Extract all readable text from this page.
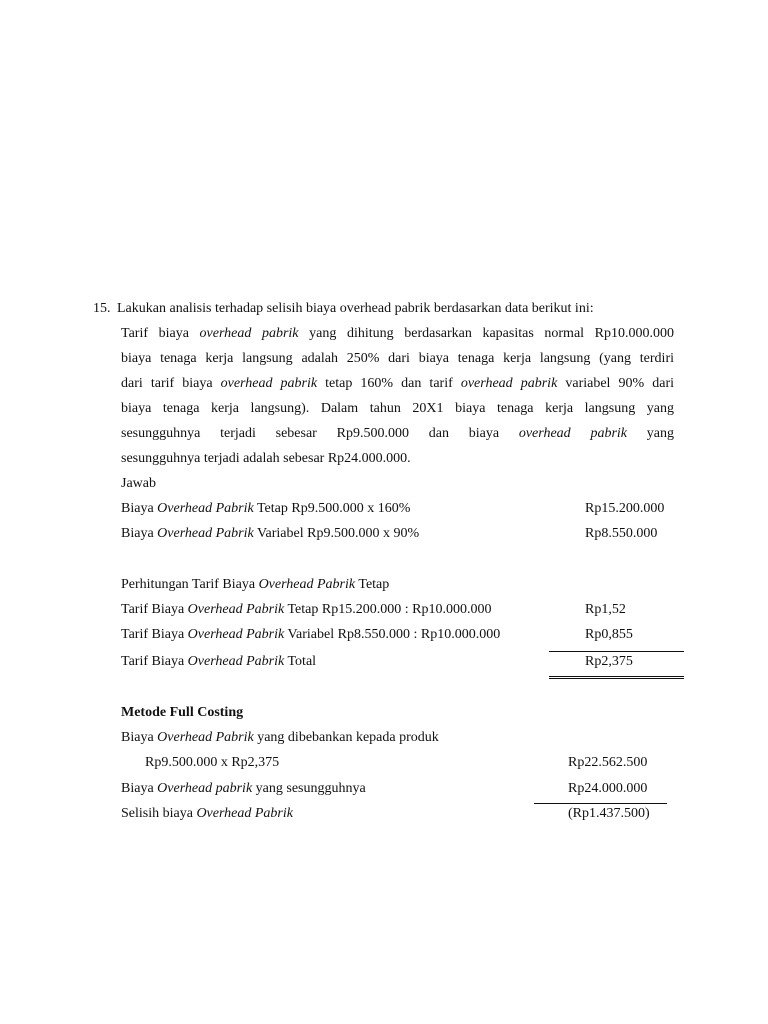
15. Lakukan analisis terhadap selisih biaya overhead pabrik berdasarkan data berikut ini:
Tarif biaya overhead pabrik yang dihitung berdasarkan kapasitas normal Rp10.000.000
biaya tenaga kerja langsung adalah 250% dari biaya tenaga kerja langsung (yang terdiri
dari tarif biaya overhead pabrik tetap 160% dan tarif overhead pabrik variabel 90% dari
biaya tenaga kerja langsung). Dalam tahun 20X1 biaya tenaga kerja langsung yang
sesungguhnya terjadi sebesar Rp9.500.000 dan biaya overhead pabrik yang
sesungguhnya terjadi adalah sebesar Rp24.000.000.
Jawab
Biaya Overhead Pabrik Tetap Rp9.500.000 x 160%	Rp15.200.000
Biaya Overhead Pabrik Variabel Rp9.500.000 x 90%	Rp8.550.000
Perhitungan Tarif Biaya Overhead Pabrik Tetap
Tarif Biaya Overhead Pabrik Tetap Rp15.200.000 : Rp10.000.000	Rp1,52
Tarif Biaya Overhead Pabrik Variabel Rp8.550.000 : Rp10.000.000	Rp0,855
Tarif Biaya Overhead Pabrik Total	Rp2,375
Metode Full Costing
Biaya Overhead Pabrik yang dibebankan kepada produk
Rp9.500.000 x Rp2,375	Rp22.562.500
Biaya Overhead pabrik yang sesungguhnya	Rp24.000.000
Selisih biaya Overhead Pabrik	(Rp1.437.500)
